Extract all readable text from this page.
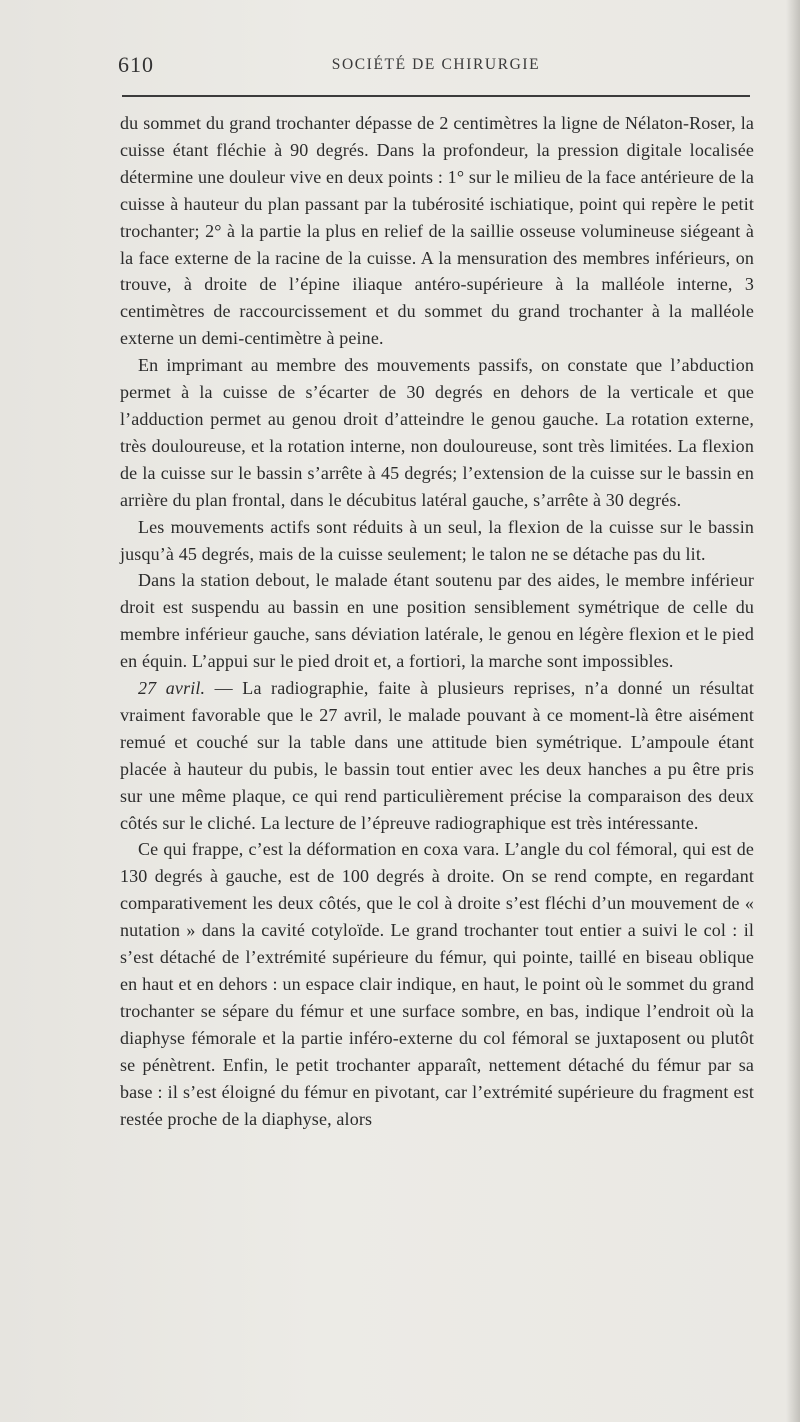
610	SOCIÉTÉ DE CHIRURGIE

du sommet du grand trochanter dépasse de 2 centimètres la ligne de Nélaton-Roser, la cuisse étant fléchie à 90 degrés. Dans la profondeur, la pression digitale localisée détermine une douleur vive en deux points : 1° sur le milieu de la face antérieure de la cuisse à hauteur du plan passant par la tubérosité ischiatique, point qui repère le petit trochanter; 2° à la partie la plus en relief de la saillie osseuse volumineuse siégeant à la face externe de la racine de la cuisse. A la mensuration des membres inférieurs, on trouve, à droite de l’épine iliaque antéro-supérieure à la malléole interne, 3 centimètres de raccourcissement et du sommet du grand trochanter à la malléole externe un demi-centimètre à peine.

En imprimant au membre des mouvements passifs, on constate que l’abduction permet à la cuisse de s’écarter de 30 degrés en dehors de la verticale et que l’adduction permet au genou droit d’atteindre le genou gauche. La rotation externe, très douloureuse, et la rotation interne, non douloureuse, sont très limitées. La flexion de la cuisse sur le bassin s’arrête à 45 degrés; l’extension de la cuisse sur le bassin en arrière du plan frontal, dans le décubitus latéral gauche, s’arrête à 30 degrés.

Les mouvements actifs sont réduits à un seul, la flexion de la cuisse sur le bassin jusqu’à 45 degrés, mais de la cuisse seulement; le talon ne se détache pas du lit.

Dans la station debout, le malade étant soutenu par des aides, le membre inférieur droit est suspendu au bassin en une position sensiblement symétrique de celle du membre inférieur gauche, sans déviation latérale, le genou en légère flexion et le pied en équin. L’appui sur le pied droit et, a fortiori, la marche sont impossibles.

27 avril. — La radiographie, faite à plusieurs reprises, n’a donné un résultat vraiment favorable que le 27 avril, le malade pouvant à ce moment-là être aisément remué et couché sur la table dans une attitude bien symétrique. L’ampoule étant placée à hauteur du pubis, le bassin tout entier avec les deux hanches a pu être pris sur une même plaque, ce qui rend particulièrement précise la comparaison des deux côtés sur le cliché. La lecture de l’épreuve radiographique est très intéressante.

Ce qui frappe, c’est la déformation en coxa vara. L’angle du col fémoral, qui est de 130 degrés à gauche, est de 100 degrés à droite. On se rend compte, en regardant comparativement les deux côtés, que le col à droite s’est fléchi d’un mouvement de « nutation » dans la cavité cotyloïde. Le grand trochanter tout entier a suivi le col : il s’est détaché de l’extrémité supérieure du fémur, qui pointe, taillé en biseau oblique en haut et en dehors : un espace clair indique, en haut, le point où le sommet du grand trochanter se sépare du fémur et une surface sombre, en bas, indique l’endroit où la diaphyse fémorale et la partie inféro-externe du col fémoral se juxtaposent ou plutôt se pénètrent. Enfin, le petit trochanter apparaît, nettement détaché du fémur par sa base : il s’est éloigné du fémur en pivotant, car l’extrémité supérieure du fragment est restée proche de la diaphyse, alors
